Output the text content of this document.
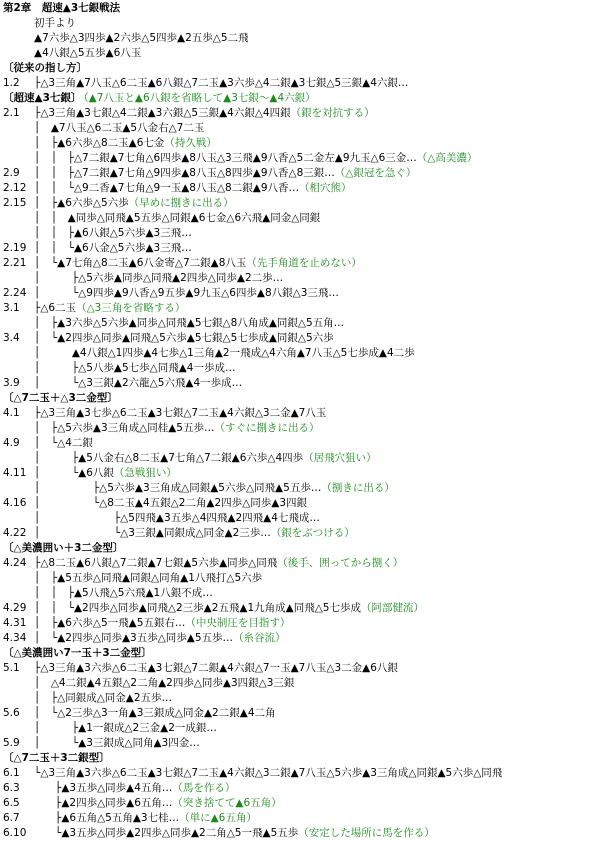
第2章　超速▲3七銀戦法
初手より
▲7六歩△3四歩▲2六歩△5四歩▲2五歩△5二飛
▲4八銀△5五歩▲6八玉
〔従来の指し方〕
1.2	├△3三角▲7八玉△6二玉▲6八銀△7二玉▲3六歩△4二銀▲3七銀△5三銀▲4六銀…
〔超速▲3七銀〕 （▲7八玉と▲6八銀を省略して▲3七銀～▲4六銀）
2.1	├△3三角▲3七銀△4二銀▲3六銀△5三銀▲4六銀△4四銀（銀を対抗する）
│　▲7八玉△6二玉▲5八金右△7二玉
│　├▲6六歩△8二玉▲6七金（持久戦）
│　│　├△7二銀▲7七角△6四歩▲8八玉△3三飛▲9八香△5二金左▲9九玉△6三金…（△高美濃）
2.9	│　│　├△7二銀▲7七角△9四歩▲8八玉△8四歩▲9八香△8三銀…（△銀冠を急ぐ）
2.12 │　│　└△9二香▲7七角△9一玉▲8八玉△8二銀▲9八香…（相穴熊）
2.15 │　├▲6六歩△5六歩（早めに捌きに出る）
│　│　▲同歩△同飛▲5五歩△同銀▲6七金△6六飛▲同金△同銀
│　│　├▲6八銀△5六歩▲3三飛…
2.19 │　│　└▲6八金△5六歩▲3三飛…
2.21 │　└▲7七角△8二玉▲6八金寄△7二銀▲8八玉（先手角道を止めない）
│　　　├△5六歩▲同歩△同飛▲2四歩△同歩▲2二歩…
2.24 │　　　└△9四歩▲9八香△9五歩▲9九玉△6四歩▲8八銀△3三飛…
3.1	├△6二玉（△3三角を省略する）
│　├▲3六歩△5六歩▲同歩△同飛▲5七銀△8八角成▲同銀△5五角…
3.4	│　└▲2四歩△同歩▲同飛△5六歩▲5七銀△5七歩成▲同銀△5六歩
│　　　▲4八銀△1四歩▲4七歩△1三角▲2一飛成△4六角▲7八玉△5七歩成▲4二歩
│　　　├△5八歩▲5七歩△同飛▲4一歩成…
3.9	│　　　└△3三銀▲2六龍△5六飛▲4一歩成…
〔△7二玉＋△3二金型〕
4.1	├△3三角▲3七歩△6二玉▲3七銀△7二玉▲4六銀△3二金▲7八玉
│　├△5六歩▲3三角成△同桂▲5五歩…（すぐに捌きに出る）
4.9	│　└△4二銀
│　　　├▲5八金右△8二玉▲7七角△7二銀▲6六歩△4四歩（居飛穴狙い）
4.11 │　　　└▲6八銀（急戦狙い）
│　　　　　├△5六歩▲3三角成△同銀▲5六歩△同飛▲5五歩…（捌きに出る）
4.16 │　　　　　└△8二玉▲4五銀△2二角▲2四歩△同歩▲3四銀
│　　　　　　　├△5四飛▲3五歩△4四飛▲2四飛▲4七飛成…
4.22 │　　　　　　　└△3三銀▲同銀成△同金▲2三歩…（銀をぶつける）
〔△美濃囲い＋3二金型〕
4.24 ├△8二玉▲6八銀△7二銀▲7七銀▲5六歩▲同歩△同飛（後手、囲ってから捌く）
│　├▲5五歩△同飛▲同銀△同角▲1八飛打△5六歩
│　│　├▲5八飛△5六飛▲1八銀不成…
4.29 │　│　└▲2四歩△同歩▲同飛△2三歩▲2五飛▲1九角成▲同飛△5七歩成（阿部健流）
4.31 │　├▲6六歩△5一飛▲5五銀右…（中央制圧を目指す）
4.34 │　└▲2四歩△同歩▲3五歩△同歩▲5五歩…（糸谷流）
〔△美濃囲い7一玉＋3二金型〕
5.1	├△3三角▲3六歩△6二玉▲3七銀△7二銀▲4六銀△7一玉▲7八玉△3二金▲6八銀
│　△4二銀▲4五銀△2二角▲2四歩△同歩▲3四銀△3三銀
│　├△同銀成△同金▲2五歩…
5.6	│　└△2三歩△3一角▲3三銀成△同金▲2二銀▲4二角
│　　　├▲1一銀成△2三金▲2一成銀…
5.9	│　　　└▲3三銀成△同角▲3四金…
〔△7二玉＋3二銀型〕
6.1	└△3三角▲3六歩△6二玉▲3七銀△7二玉▲4六銀△3二銀▲7八玉△5六歩▲3三角成△同銀▲5六歩△同飛
6.3	　　├▲3五歩△同歩▲4五角…（馬を作る）
6.5	　　├▲2四歩△同歩▲6五角…（突き捨てて▲6五角）
6.7	　　├▲6五角△5五角▲3七桂…（単に▲6五角）
6.10 　　└▲3五歩△同歩▲2四歩△同歩▲2二角△5一飛▲5五歩（安定した場所に馬を作る）
